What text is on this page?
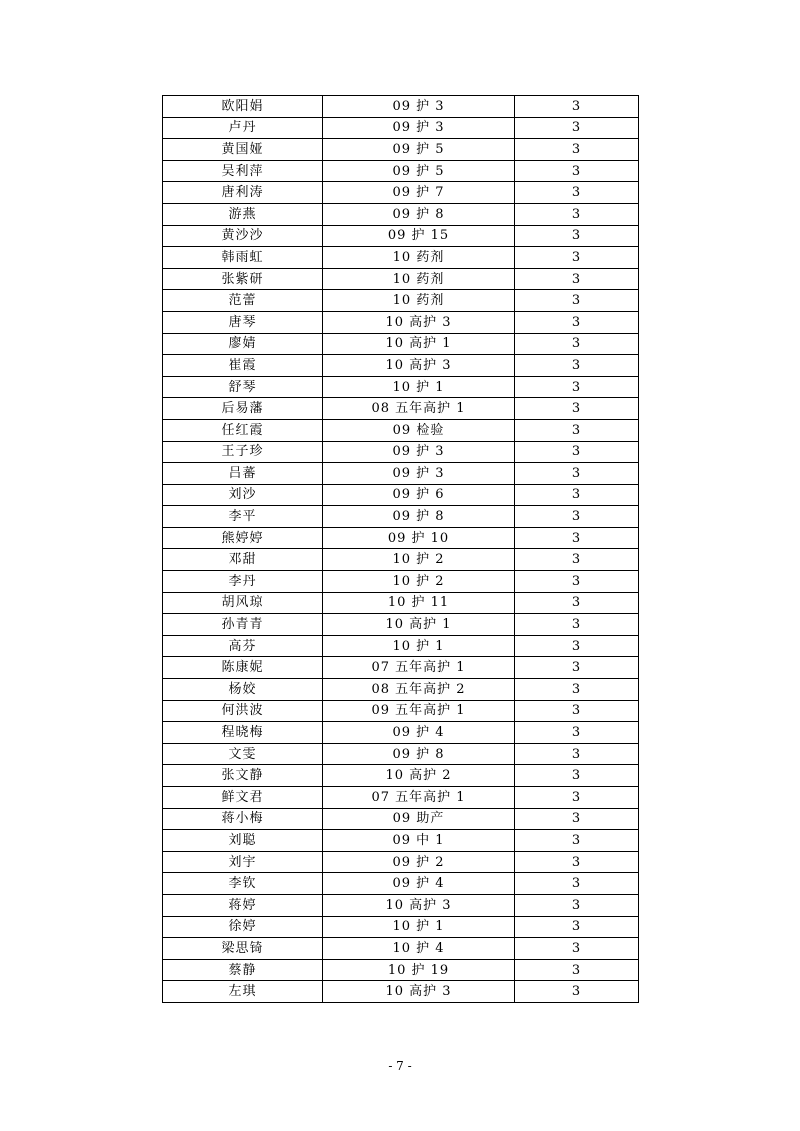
欧阳娟	09 护 3	3
卢丹	09 护 3	3
黄国娅	09 护 5	3
吴利萍	09 护 5	3
唐利涛	09 护 7	3
游燕	09 护 8	3
黄沙沙	09 护 15	3
韩雨虹	10 药剂	3
张紫研	10 药剂	3
范蕾	10 药剂	3
唐琴	10 高护 3	3
廖婧	10 高护 1	3
崔霞	10 高护 3	3
舒琴	10 护 1	3
后易藩	08 五年高护 1	3
任红霞	09 检验	3
王子珍	09 护 3	3
吕蕃	09 护 3	3
刘沙	09 护 6	3
李平	09 护 8	3
熊婷婷	09 护 10	3
邓甜	10 护 2	3
李丹	10 护 2	3
胡风琼	10 护 11	3
孙青青	10 高护 1	3
高芬	10 护 1	3
陈康妮	07 五年高护 1	3
杨姣	08 五年高护 2	3
何洪波	09 五年高护 1	3
程晓梅	09 护 4	3
文雯	09 护 8	3
张文静	10 高护 2	3
鲜文君	07 五年高护 1	3
蒋小梅	09 助产	3
刘聪	09 中 1	3
刘宇	09 护 2	3
李钦	09 护 4	3
蒋婷	10 高护 3	3
徐婷	10 护 1	3
梁思锜	10 护 4	3
蔡静	10 护 19	3
左琪	10 高护 3	3
- 7 -
